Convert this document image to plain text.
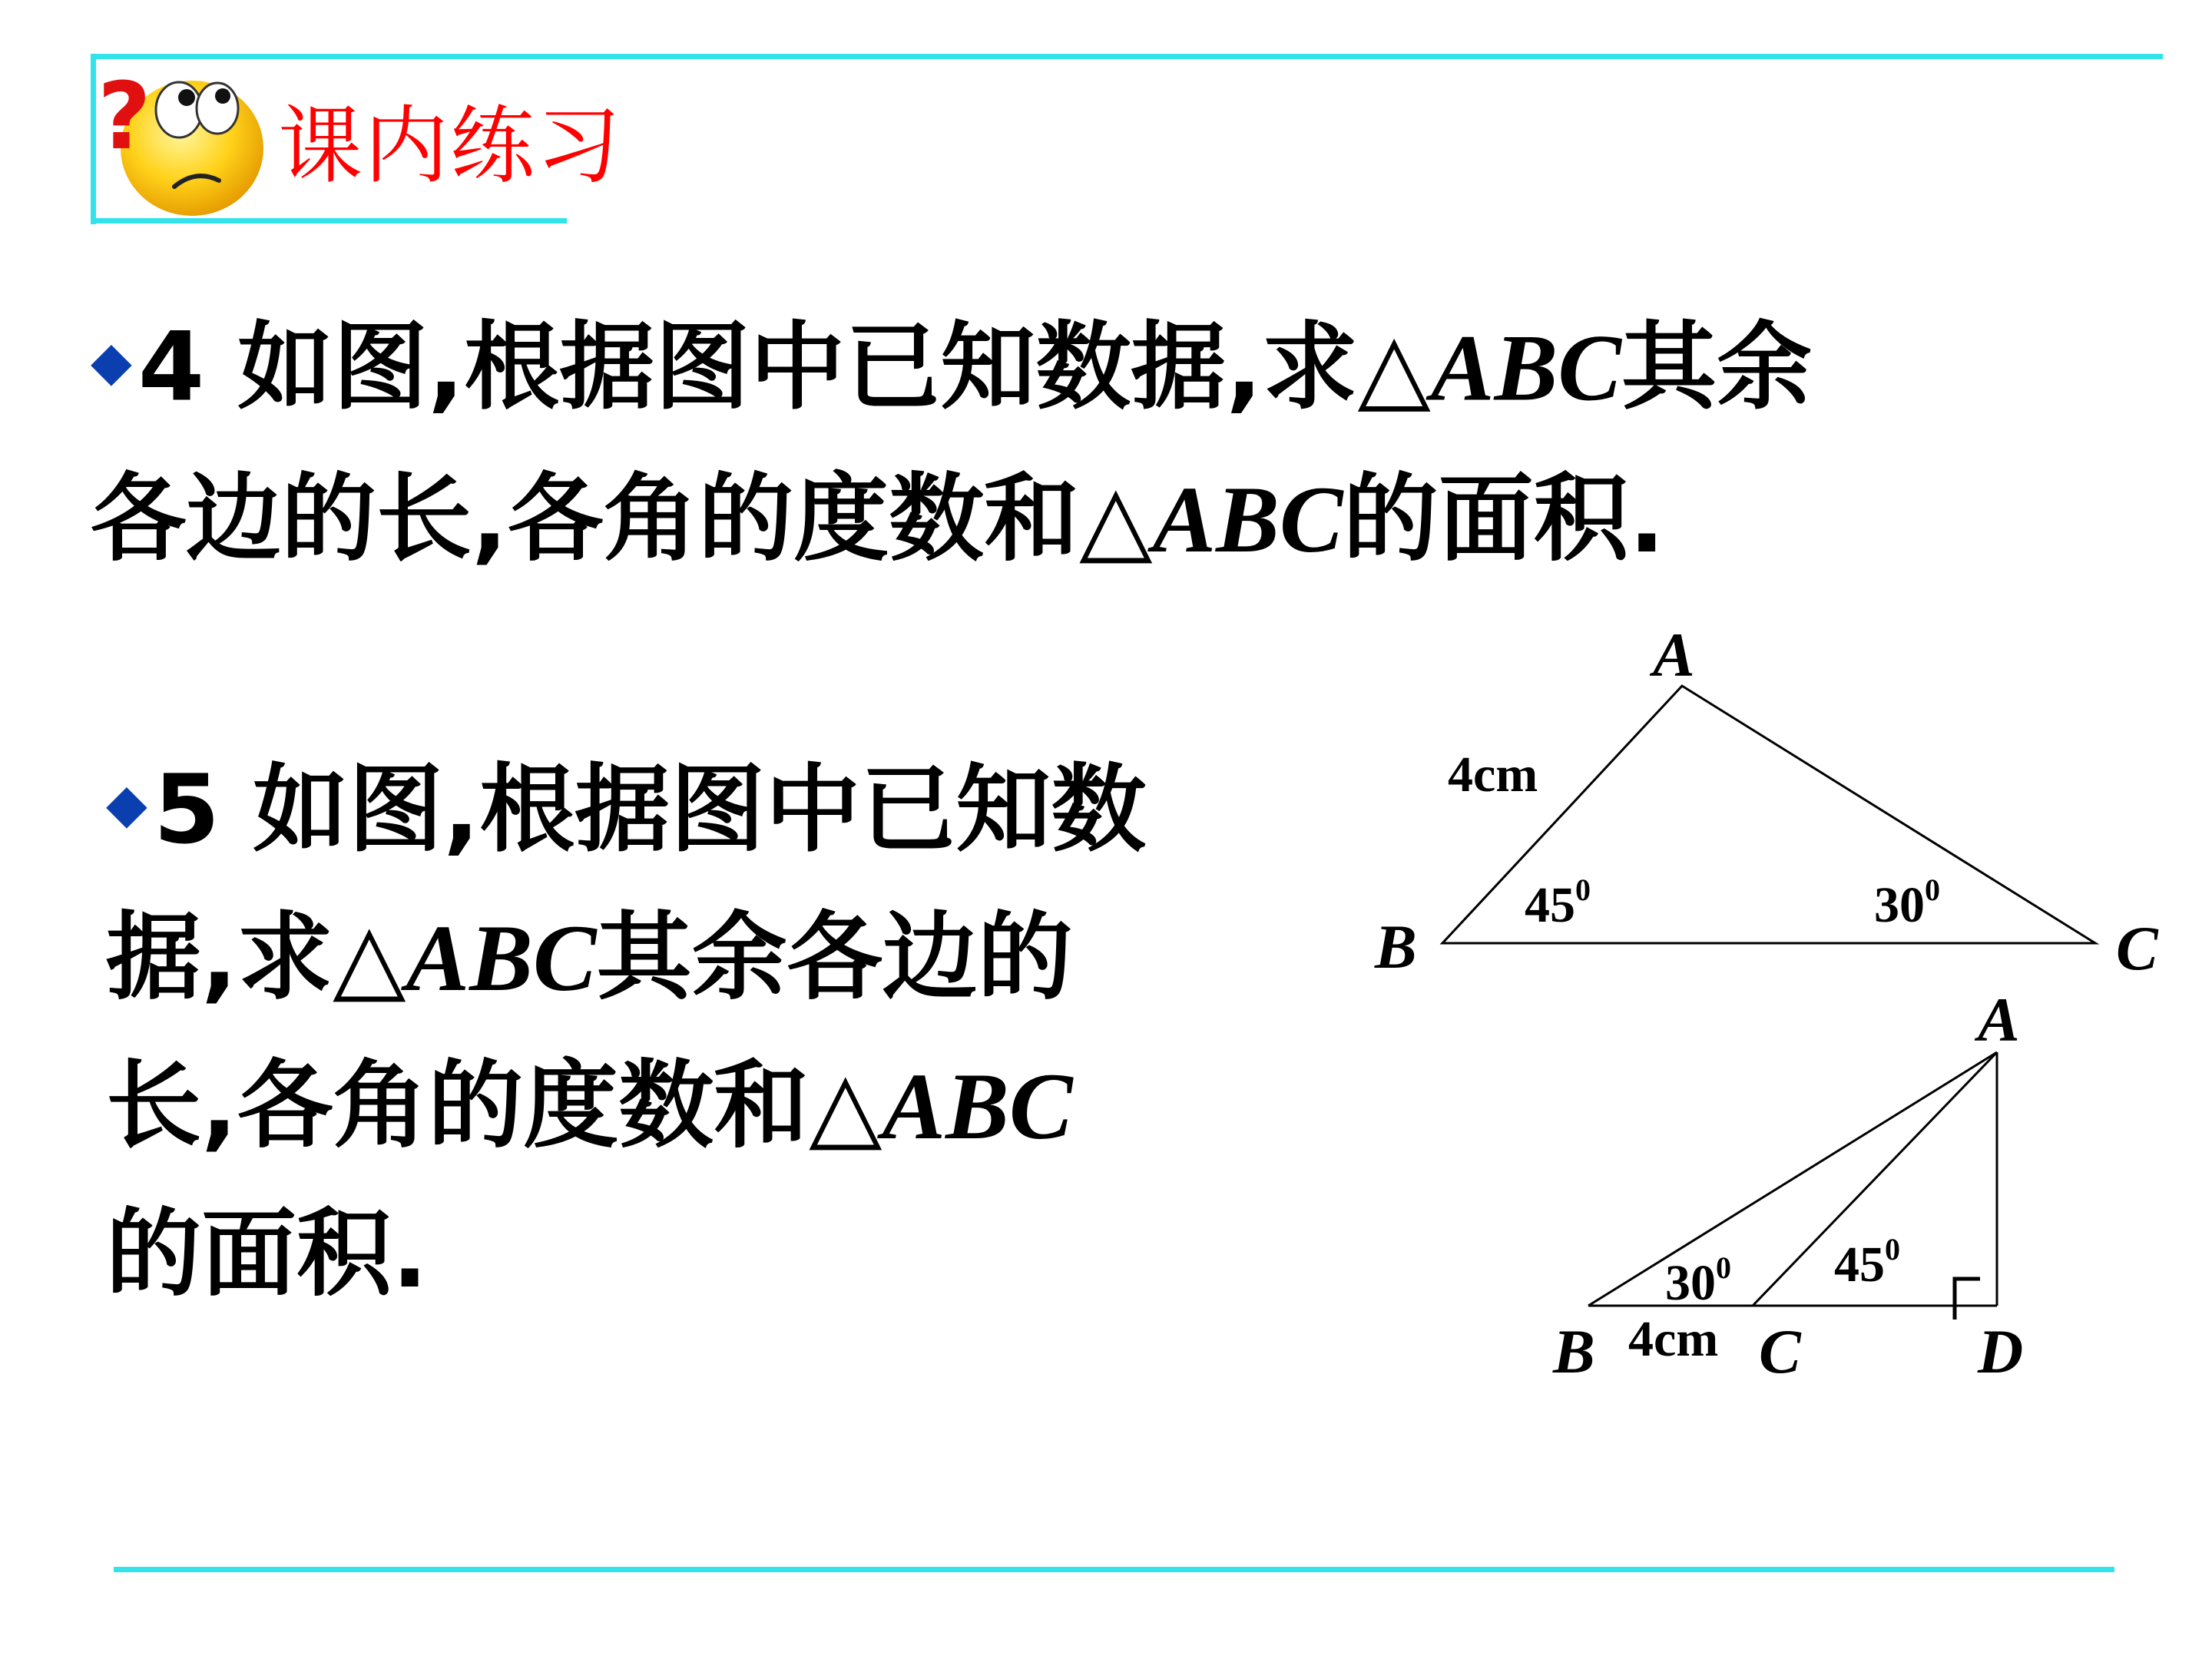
? 课内练习
◆4 如图,根据图中已知数据,求△ABC其余
各边的长,各角的度数和△ABC的面积.
◆5 如图,根据图中已知数
据,求△ABC其余各边的
长,各角的度数和△ABC
的面积.
A
B	C
4cm
450	300
A
B	C	D
4cm
300 450
